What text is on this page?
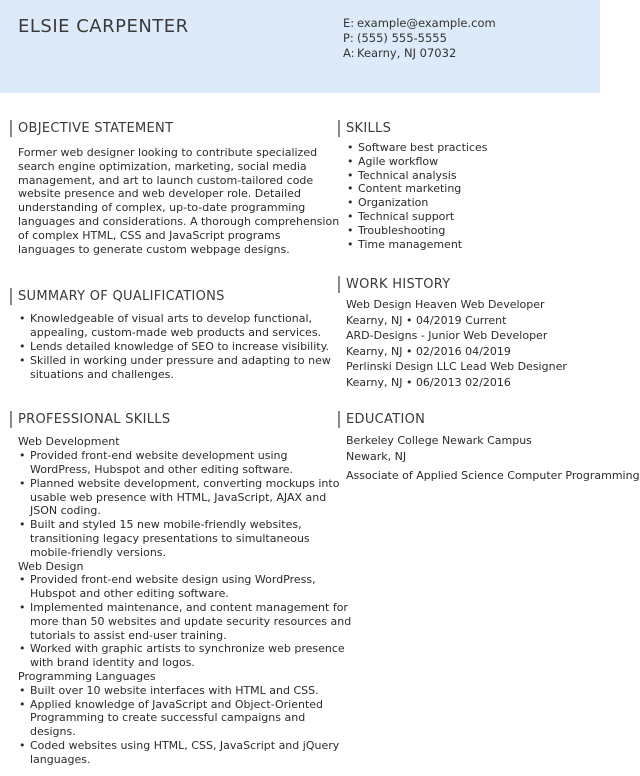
ELSIE CARPENTER	E: example@example.com
P: (555) 555-5555
A: Kearny, NJ 07032
OBJECTIVE STATEMENT
Former web designer looking to contribute specialized
search engine optimization, marketing, social media
management, and art to launch custom-tailored code
website presence and web developer role. Detailed
understanding of complex, up-to-date programming
languages and considerations. A thorough comprehension
of complex HTML, CSS and JavaScript programs
languages to generate custom webpage designs.
SUMMARY OF QUALIFICATIONS
• Knowledgeable of visual arts to develop functional,
appealing, custom-made web products and services.
• Lends detailed knowledge of SEO to increase visibility.
• Skilled in working under pressure and adapting to new
situations and challenges.
PROFESSIONAL SKILLS
Web Development
• Provided front-end website development using
WordPress, Hubspot and other editing software.
• Planned website development, converting mockups into
usable web presence with HTML, JavaScript, AJAX and
JSON coding.
• Built and styled 15 new mobile-friendly websites,
transitioning legacy presentations to simultaneous
mobile-friendly versions.
Web Design
• Provided front-end website design using WordPress,
Hubspot and other editing software.
• Implemented maintenance, and content management for
more than 50 websites and update security resources and
tutorials to assist end-user training.
• Worked with graphic artists to synchronize web presence
with brand identity and logos.
Programming Languages
• Built over 10 website interfaces with HTML and CSS.
• Applied knowledge of JavaScript and Object-Oriented
Programming to create successful campaigns and
designs.
• Coded websites using HTML, CSS, JavaScript and jQuery
languages.
SKILLS
• Software best practices
• Agile workflow
• Technical analysis
• Content marketing
• Organization
• Technical support
• Troubleshooting
• Time management
WORK HISTORY
Web Design Heaven Web Developer
Kearny, NJ • 04/2019 Current
ARD-Designs - Junior Web Developer
Kearny, NJ • 02/2016 04/2019
Perlinski Design LLC Lead Web Designer
Kearny, NJ • 06/2013 02/2016
EDUCATION
Berkeley College Newark Campus
Newark, NJ
Associate of Applied Science Computer Programming
